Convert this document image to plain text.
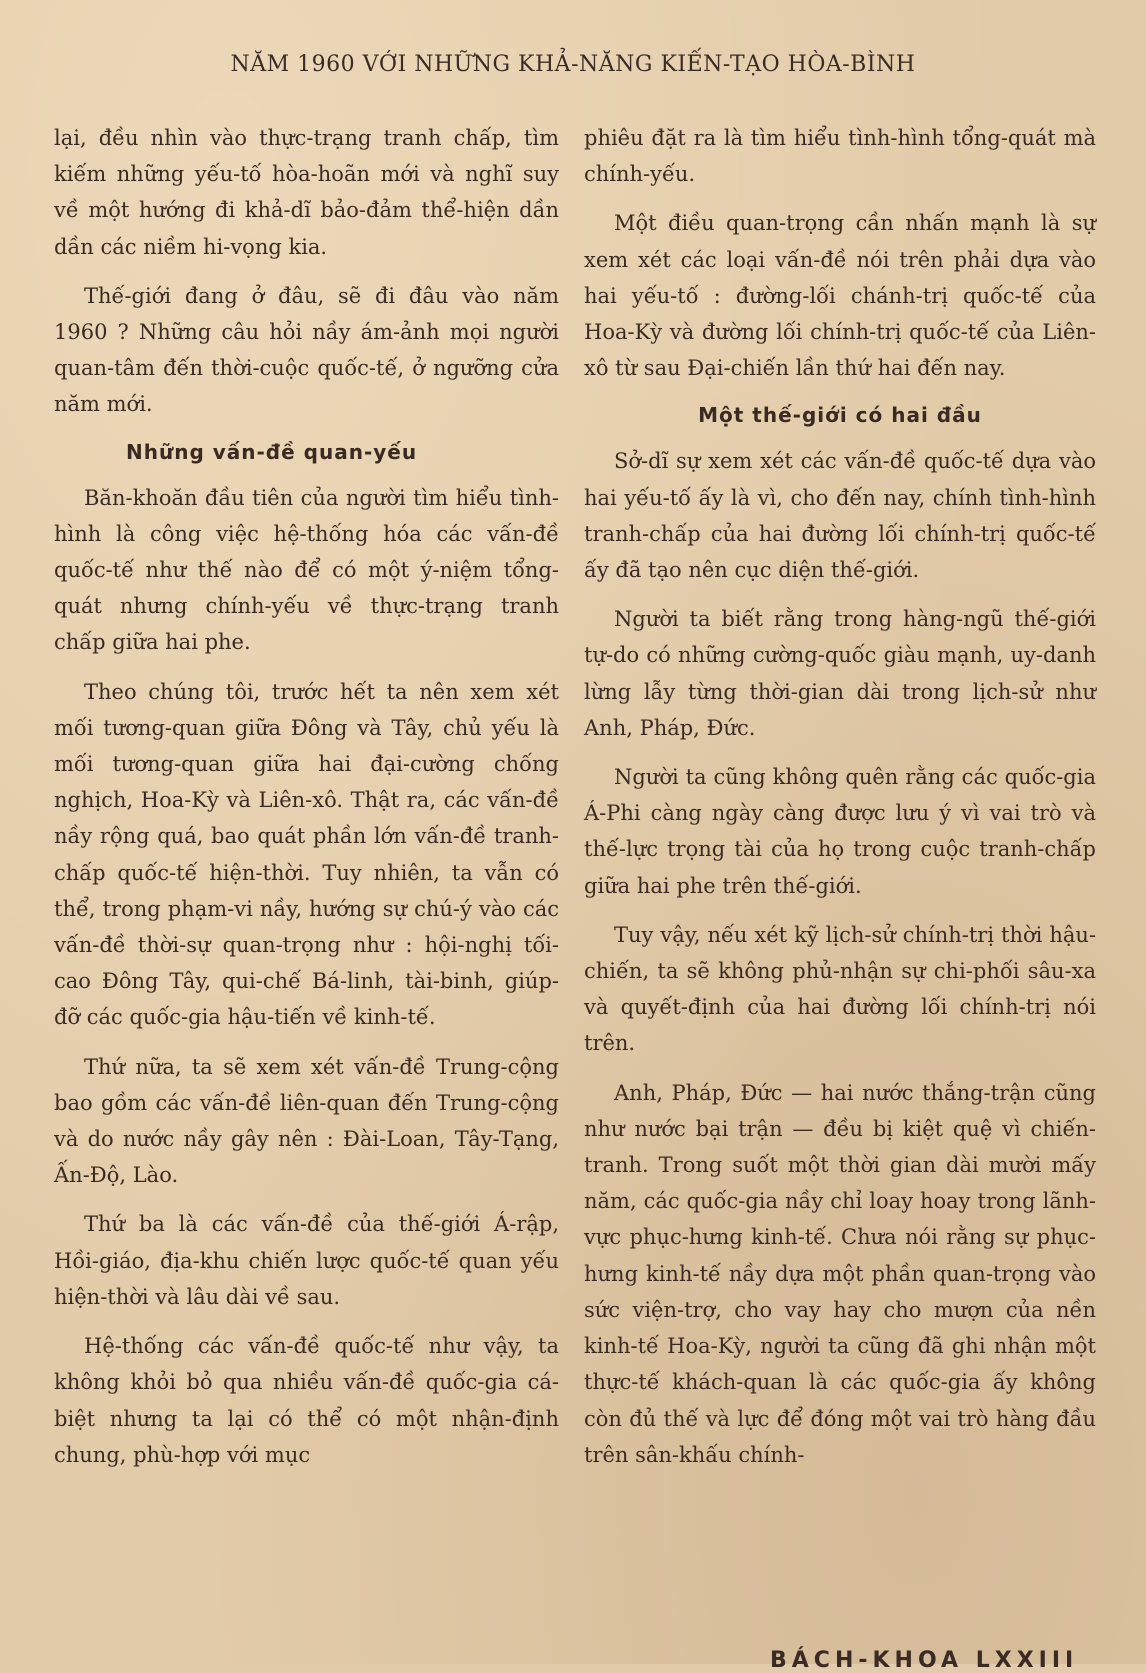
NĂM 1960 VỚI NHỮNG KHẢ-NĂNG KIẾN-TẠO HÒA-BÌNH

lại, đều nhìn vào thực-trạng tranh chấp, tìm kiếm những yếu-tố hòa-hoãn mới và nghĩ suy về một hướng đi khả-dĩ bảo-đảm thể-hiện dần dần các niềm hi-vọng kia.

Thế-giới đang ở đâu, sẽ đi đâu vào năm 1960 ? Những câu hỏi nầy ám-ảnh mọi người quan-tâm đến thời-cuộc quốc-tế, ở ngưỡng cửa năm mới.

Những vấn-đề quan-yếu

Băn-khoăn đầu tiên của người tìm hiểu tình-hình là công việc hệ-thống hóa các vấn-đề quốc-tế như thế nào để có một ý-niệm tổng-quát nhưng chính-yếu về thực-trạng tranh chấp giữa hai phe.

Theo chúng tôi, trước hết ta nên xem xét mối tương-quan giữa Đông và Tây, chủ yếu là mối tương-quan giữa hai đại-cường chống nghịch, Hoa-Kỳ và Liên-xô. Thật ra, các vấn-đề nầy rộng quá, bao quát phần lớn vấn-đề tranh-chấp quốc-tế hiện-thời. Tuy nhiên, ta vẫn có thể, trong phạm-vi nầy, hướng sự chú-ý vào các vấn-đề thời-sự quan-trọng như : hội-nghị tối-cao Đông Tây, qui-chế Bá-linh, tài-binh, giúp-đỡ các quốc-gia hậu-tiến về kinh-tế.

Thứ nữa, ta sẽ xem xét vấn-đề Trung-cộng bao gồm các vấn-đề liên-quan đến Trung-cộng và do nước nầy gây nên : Đài-Loan, Tây-Tạng, Ấn-Độ, Lào.

Thứ ba là các vấn-đề của thế-giới Á-rập, Hồi-giáo, địa-khu chiến lược quốc-tế quan yếu hiện-thời và lâu dài về sau.

Hệ-thống các vấn-đề quốc-tế như vậy, ta không khỏi bỏ qua nhiều vấn-đề quốc-gia cá-biệt nhưng ta lại có thể có một nhận-định chung, phù-hợp với mục

phiêu đặt ra là tìm hiểu tình-hình tổng-quát mà chính-yếu.

Một điều quan-trọng cần nhấn mạnh là sự xem xét các loại vấn-đề nói trên phải dựa vào hai yếu-tố : đường-lối chánh-trị quốc-tế của Hoa-Kỳ và đường lối chính-trị quốc-tế của Liên-xô từ sau Đại-chiến lần thứ hai đến nay.

Một thế-giới có hai đầu

Sở-dĩ sự xem xét các vấn-đề quốc-tế dựa vào hai yếu-tố ấy là vì, cho đến nay, chính tình-hình tranh-chấp của hai đường lối chính-trị quốc-tế ấy đã tạo nên cục diện thế-giới.

Người ta biết rằng trong hàng-ngũ thế-giới tự-do có những cường-quốc giàu mạnh, uy-danh lừng lẫy từng thời-gian dài trong lịch-sử như Anh, Pháp, Đức.

Người ta cũng không quên rằng các quốc-gia Á-Phi càng ngày càng được lưu ý vì vai trò và thế-lực trọng tài của họ trong cuộc tranh-chấp giữa hai phe trên thế-giới.

Tuy vậy, nếu xét kỹ lịch-sử chính-trị thời hậu-chiến, ta sẽ không phủ-nhận sự chi-phối sâu-xa và quyết-định của hai đường lối chính-trị nói trên.

Anh, Pháp, Đức — hai nước thắng-trận cũng như nước bại trận — đều bị kiệt quệ vì chiến-tranh. Trong suốt một thời gian dài mười mấy năm, các quốc-gia nầy chỉ loay hoay trong lãnh-vực phục-hưng kinh-tế. Chưa nói rằng sự phục-hưng kinh-tế nầy dựa một phần quan-trọng vào sức viện-trợ, cho vay hay cho mượn của nền kinh-tế Hoa-Kỳ, người ta cũng đã ghi nhận một thực-tế khách-quan là các quốc-gia ấy không còn đủ thế và lực để đóng một vai trò hàng đầu trên sân-khấu chính-

BÁCH-KHOA LXXIII
